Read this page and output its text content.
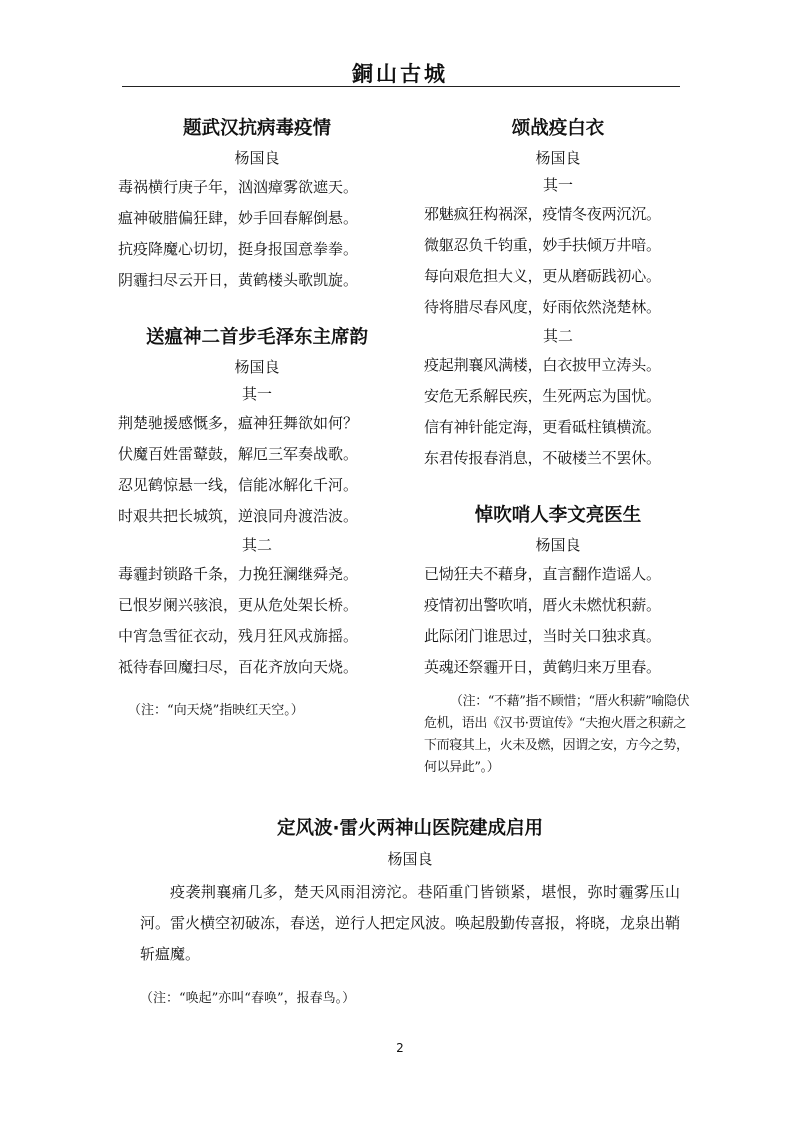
銅山古城
题武汉抗病毒疫情
杨国良
毒祸横行庚子年，汹汹瘴雾欲遮天。
瘟神破腊偏狂肆，妙手回春解倒悬。
抗疫降魔心切切，挺身报国意拳拳。
阴霾扫尽云开日，黄鹤楼头歌凯旋。
送瘟神二首步毛泽东主席韵
杨国良
其一
荆楚驰援感慨多，瘟神狂舞欲如何？
伏魔百姓雷鼙鼓，解厄三军奏战歌。
忍见鹤惊悬一线，信能冰解化千河。
时艰共把长城筑，逆浪同舟渡浩波。
其二
毒霾封锁路千条，力挽狂澜继舜尧。
已恨岁阑兴骇浪，更从危处架长桥。
中宵急雪征衣动，残月狂风戎旆摇。
祗待春回魔扫尽，百花齐放向天烧。
（注：“向天烧”指映红天空。）
颂战疫白衣
杨国良
其一
邪魅疯狂构祸深，疫情冬夜两沉沉。
微躯忍负千钧重，妙手扶倾万井喑。
每向艰危担大义，更从磨砺践初心。
待将腊尽春风度，好雨依然浇楚林。
其二
疫起荆襄风满楼，白衣披甲立涛头。
安危无系解民疾，生死两忘为国忧。
信有神针能定海，更看砥柱镇横流。
东君传报春消息，不破楼兰不罢休。
悼吹哨人李文亮医生
杨国良
已恸狂夫不藉身，直言翻作造谣人。
疫情初出警吹哨，厝火未燃忧积薪。
此际闭门谁思过，当时关口独求真。
英魂还祭霾开日，黄鹤归来万里春。
（注：“不藉”指不顾惜；“厝火积薪”喻隐伏危机，语出《汉书·贾谊传》“夫抱火厝之积薪之下而寝其上，火未及燃，因谓之安，方今之势，何以异此”。）
定风波·雷火两神山医院建成启用
杨国良
疫袭荆襄痛几多，楚天风雨泪滂沱。巷陌重门皆锁紧，堪恨，弥时霾雾压山河。雷火横空初破冻，春送，逆行人把定风波。唤起殷勤传喜报，将晓，龙泉出鞘斩瘟魔。
（注：“唤起”亦叫“春唤”，报春鸟。）
2
